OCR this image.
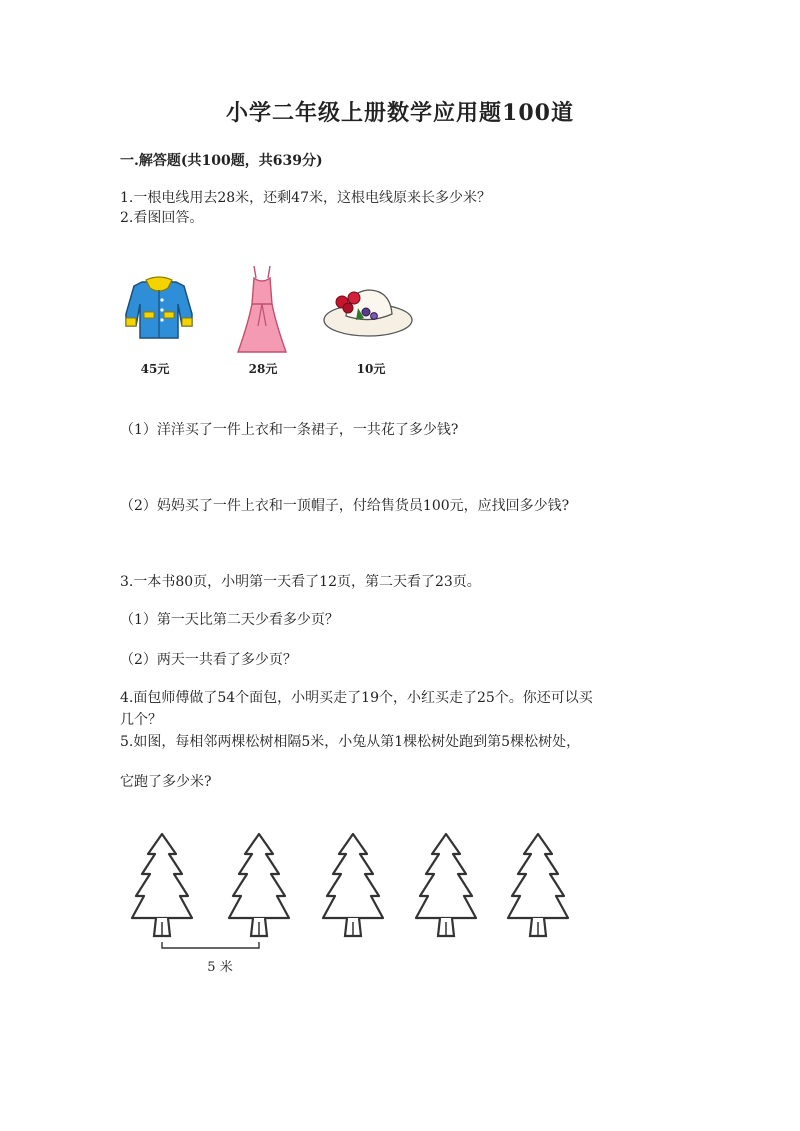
小学二年级上册数学应用题100道
一.解答题(共100题，共639分)
1.一根电线用去28米，还剩47米，这根电线原来长多少米？
2.看图回答。
45元	28元	10元
（1）洋洋买了一件上衣和一条裙子，一共花了多少钱?
（2）妈妈买了一件上衣和一顶帽子，付给售货员100元，应找回多少钱?
3.一本书80页，小明第一天看了12页，第二天看了23页。
（1）第一天比第二天少看多少页？
（2）两天一共看了多少页？
4.面包师傅做了54个面包，小明买走了19个，小红买走了25个。你还可以买
几个？
5.如图，每相邻两棵松树相隔5米，小兔从第1棵松树处跑到第5棵松树处，
它跑了多少米?
5 米
